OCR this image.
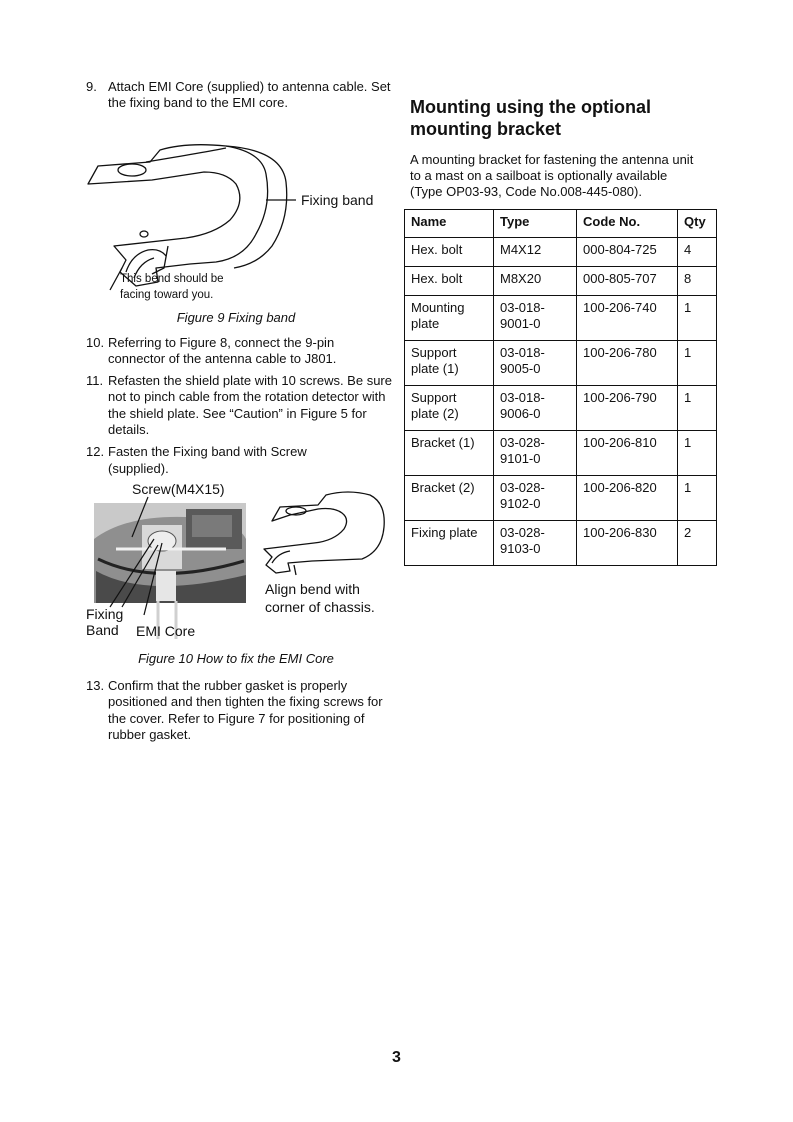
9. Attach EMI Core (supplied) to antenna cable. Set the fixing band to the EMI core.
Fixing band
This bend should be
facing toward you.
Figure 9 Fixing band
10. Referring to Figure 8, connect the 9-pin connector of the antenna cable to J801.
11. Refasten the shield plate with 10 screws. Be sure not to pinch cable from the rotation detector with the shield plate. See “Caution” in Figure 5 for details.
12. Fasten the Fixing band with Screw (supplied).
Screw(M4X15)
Fixing
Band EMI Core
Align bend with
corner of chassis.
Figure 10 How to fix the EMI Core
13. Confirm that the rubber gasket is properly positioned and then tighten the fixing screws for the cover. Refer to Figure 7 for positioning of rubber gasket.
Mounting using the optional
mounting bracket
A mounting bracket for fastening the antenna unit to a mast on a sailboat is optionally available (Type OP03-93, Code No.008-445-080).
Name	Type	Code No.	Qty
Hex. bolt	M4X12	000-804-725	4
Hex. bolt	M8X20	000-805-707	8
Mounting plate	03-018-9001-0	100-206-740	1
Support plate (1)	03-018-9005-0	100-206-780	1
Support plate (2)	03-018-9006-0	100-206-790	1
Bracket (1)	03-028-9101-0	100-206-810	1
Bracket (2)	03-028-9102-0	100-206-820	1
Fixing plate	03-028-9103-0	100-206-830	2
3
